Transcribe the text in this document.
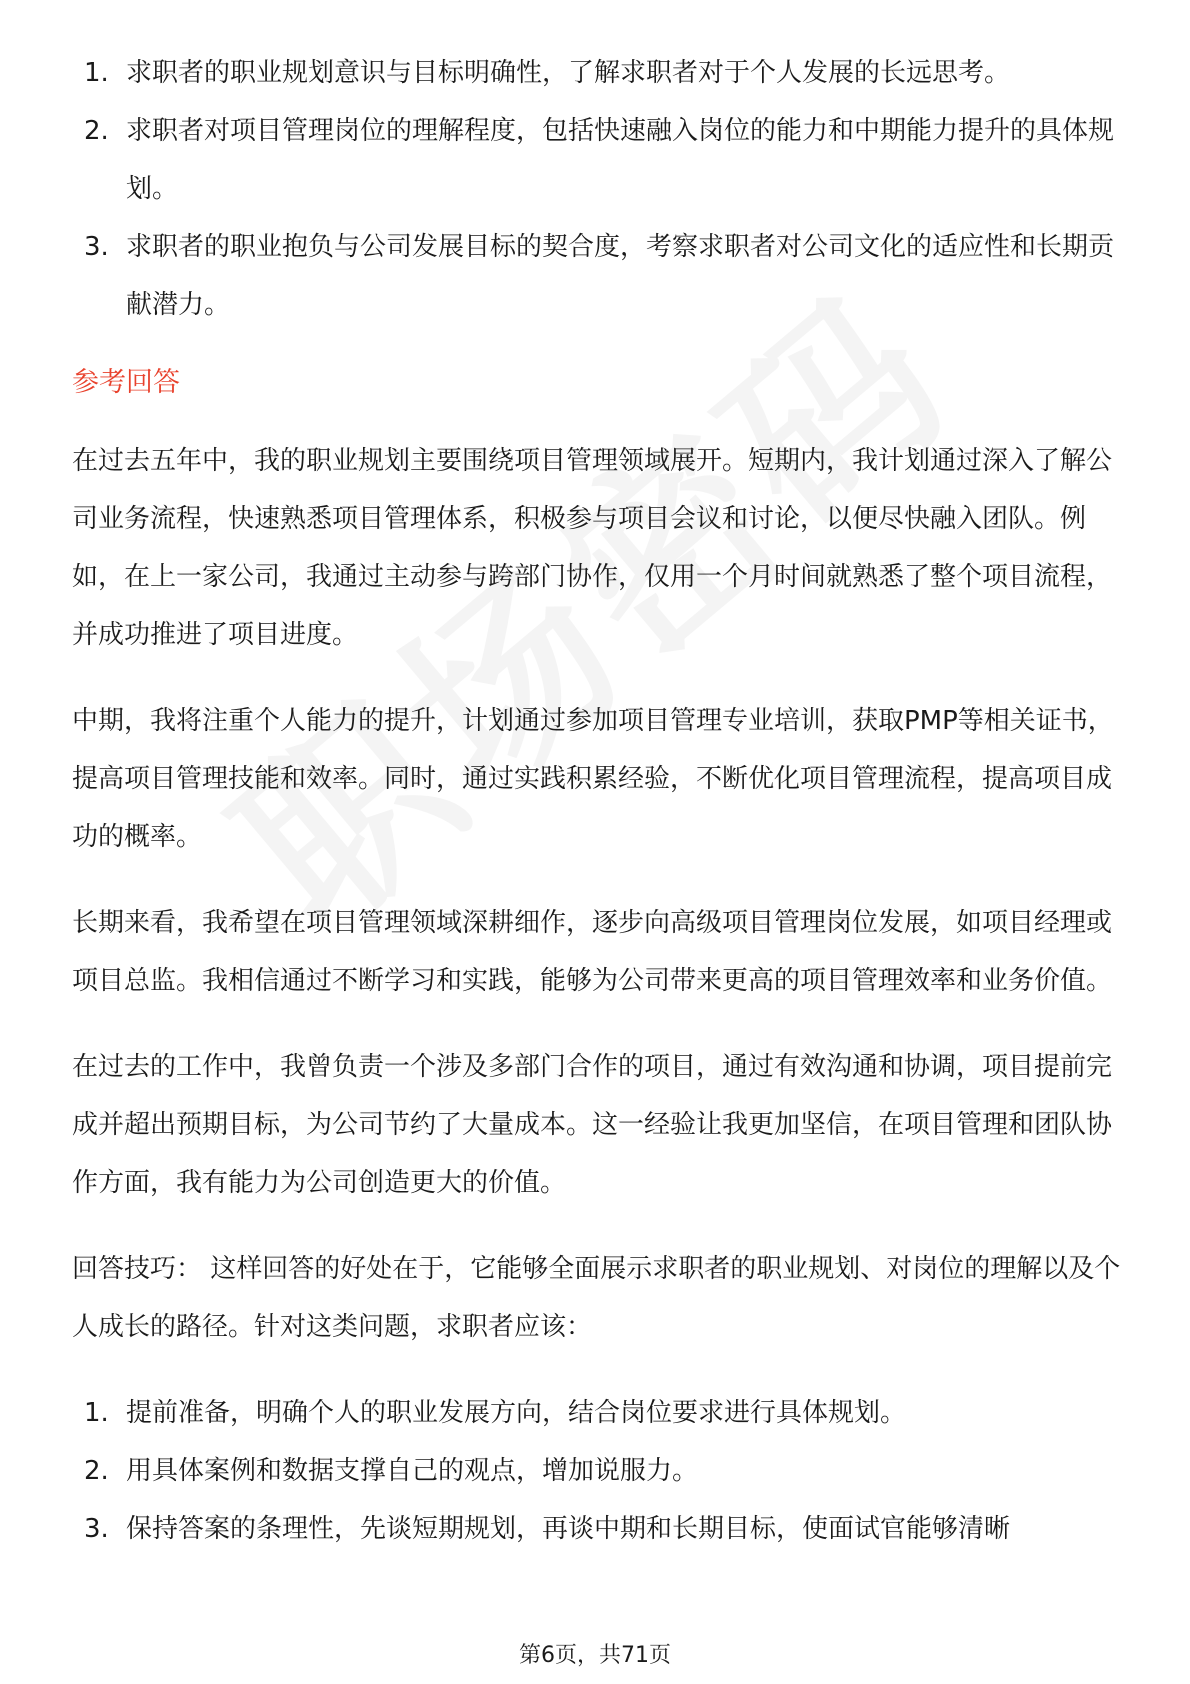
1. 求职者的职业规划意识与目标明确性，了解求职者对于个人发展的长远思考。
2. 求职者对项目管理岗位的理解程度，包括快速融入岗位的能力和中期能力提升的具体规划。
3. 求职者的职业抱负与公司发展目标的契合度，考察求职者对公司文化的适应性和长期贡献潜力。
参考回答

在过去五年中，我的职业规划主要围绕项目管理领域展开。短期内，我计划通过深入了解公司业务流程，快速熟悉项目管理体系，积极参与项目会议和讨论，以便尽快融入团队。例如，在上一家公司，我通过主动参与跨部门协作，仅用一个月时间就熟悉了整个项目流程，并成功推进了项目进度。

中期，我将注重个人能力的提升，计划通过参加项目管理专业培训，获取PMP等相关证书，提高项目管理技能和效率。同时，通过实践积累经验，不断优化项目管理流程，提高项目成功的概率。

长期来看，我希望在项目管理领域深耕细作，逐步向高级项目管理岗位发展，如项目经理或项目总监。我相信通过不断学习和实践，能够为公司带来更高的项目管理效率和业务价值。

在过去的工作中，我曾负责一个涉及多部门合作的项目，通过有效沟通和协调，项目提前完成并超出预期目标，为公司节约了大量成本。这一经验让我更加坚信，在项目管理和团队协作方面，我有能力为公司创造更大的价值。

回答技巧： 这样回答的好处在于，它能够全面展示求职者的职业规划、对岗位的理解以及个人成长的路径。针对这类问题，求职者应该：

1. 提前准备，明确个人的职业发展方向，结合岗位要求进行具体规划。
2. 用具体案例和数据支撑自己的观点，增加说服力。
3. 保持答案的条理性，先谈短期规划，再谈中期和长期目标，使面试官能够清晰
第6页，共71页
